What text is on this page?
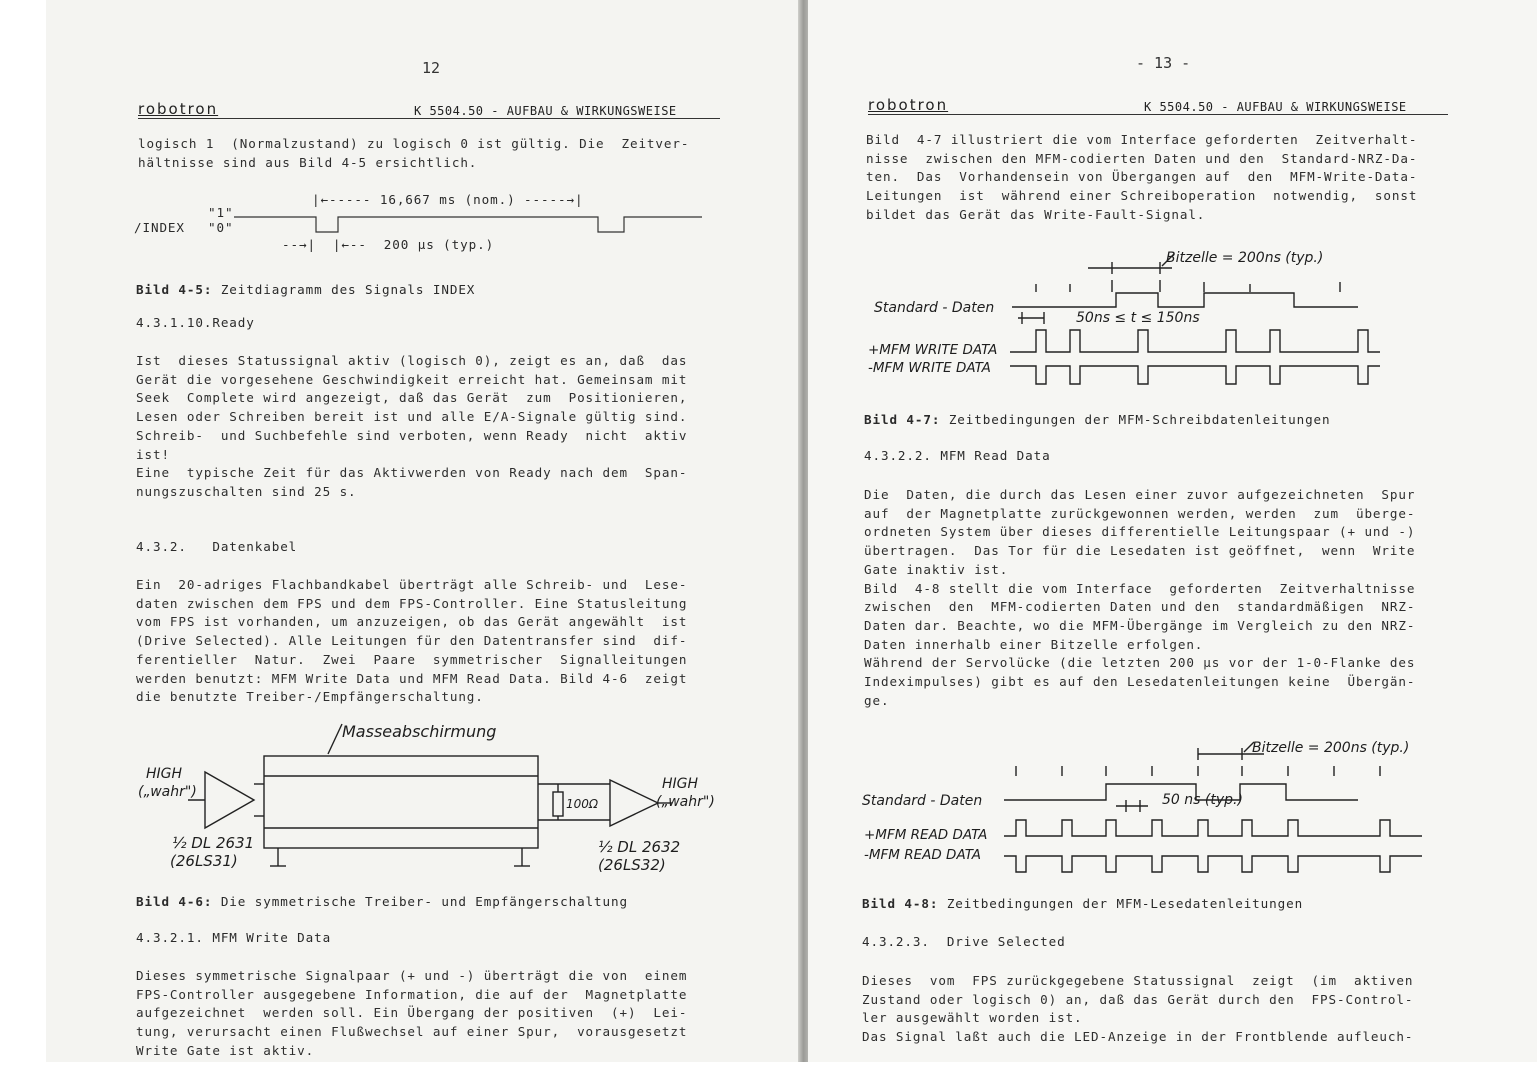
12
robotron	K 5504.50 - AUFBAU & WIRKUNGSWEISE
logisch 1  (Normalzustand) zu logisch 0 ist gültig. Die  Zeitver-
hältnisse sind aus Bild 4-5 ersichtlich.
|←----- 16,667 ms (nom.) -----→|
/INDEX
"1"
"0"
--→|  |←--  200 µs (typ.)
Bild 4-5: Zeitdiagramm des Signals INDEX
4.3.1.10.Ready
Ist  dieses Statussignal aktiv (logisch 0), zeigt es an, daß  das
Gerät die vorgesehene Geschwindigkeit erreicht hat. Gemeinsam mit
Seek  Complete wird angezeigt, daß das Gerät  zum  Positionieren,
Lesen oder Schreiben bereit ist und alle E/A-Signale gültig sind.
Schreib-  und Suchbefehle sind verboten, wenn Ready  nicht  aktiv
ist!
Eine  typische Zeit für das Aktivwerden von Ready nach dem  Span-
nungszuschalten sind 25 s.
4.3.2.   Datenkabel
Ein  20-adriges Flachbandkabel überträgt alle Schreib- und  Lese-
daten zwischen dem FPS und dem FPS-Controller. Eine Statusleitung
vom FPS ist vorhanden, um anzuzeigen, ob das Gerät angewählt  ist
(Drive Selected). Alle Leitungen für den Datentransfer sind  dif-
ferentieller  Natur.  Zwei  Paare  symmetrischer  Signalleitungen
werden benutzt: MFM Write Data und MFM Read Data. Bild 4-6  zeigt
die benutzte Treiber-/Empfängerschaltung.
Masseabschirmung
HIGH
(„wahr")
½ DL 2631
(26LS31)
100Ω
HIGH
(„wahr")
½ DL 2632
(26LS32)
Bild 4-6: Die symmetrische Treiber- und Empfängerschaltung
4.3.2.1. MFM Write Data
Dieses symmetrische Signalpaar (+ und -) überträgt die von  einem
FPS-Controller ausgegebene Information, die auf der  Magnetplatte
aufgezeichnet  werden soll. Ein Übergang der positiven  (+)  Lei-
tung, verursacht einen Flußwechsel auf einer Spur,  vorausgesetzt
Write Gate ist aktiv.
- 13 -
robotron	K 5504.50 - AUFBAU & WIRKUNGSWEISE
Bild  4-7 illustriert die vom Interface geforderten  Zeitverhalt-
nisse  zwischen den MFM-codierten Daten und den  Standard-NRZ-Da-
ten.  Das  Vorhandensein von Übergangen auf  den  MFM-Write-Data-
Leitungen  ist  während einer Schreiboperation  notwendig,  sonst
bildet das Gerät das Write-Fault-Signal.
Bitzelle = 200ns (typ.)
Standard - Daten
50ns ≤ t ≤ 150ns
+MFM WRITE DATA
-MFM WRITE DATA
Bild 4-7: Zeitbedingungen der MFM-Schreibdatenleitungen
4.3.2.2. MFM Read Data
Die  Daten, die durch das Lesen einer zuvor aufgezeichneten  Spur
auf  der Magnetplatte zurückgewonnen werden, werden  zum  überge-
ordneten System über dieses differentielle Leitungspaar (+ und -)
übertragen.  Das Tor für die Lesedaten ist geöffnet,  wenn  Write
Gate inaktiv ist.
Bild  4-8 stellt die vom Interface  geforderten  Zeitverhaltnisse
zwischen  den  MFM-codierten Daten und den  standardmäßigen  NRZ-
Daten dar. Beachte, wo die MFM-Übergänge im Vergleich zu den NRZ-
Daten innerhalb einer Bitzelle erfolgen.
Während der Servolücke (die letzten 200 µs vor der 1-0-Flanke des
Indeximpulses) gibt es auf den Lesedatenleitungen keine  Übergän-
ge.
Bitzelle = 200ns (typ.)
Standard - Daten	50 ns (typ.)
+MFM READ DATA
-MFM READ DATA
Bild 4-8: Zeitbedingungen der MFM-Lesedatenleitungen
4.3.2.3.  Drive Selected
Dieses  vom  FPS zurückgegebene Statussignal  zeigt  (im  aktiven
Zustand oder logisch 0) an, daß das Gerät durch den  FPS-Control-
ler ausgewählt worden ist.
Das Signal laßt auch die LED-Anzeige in der Frontblende aufleuch-
